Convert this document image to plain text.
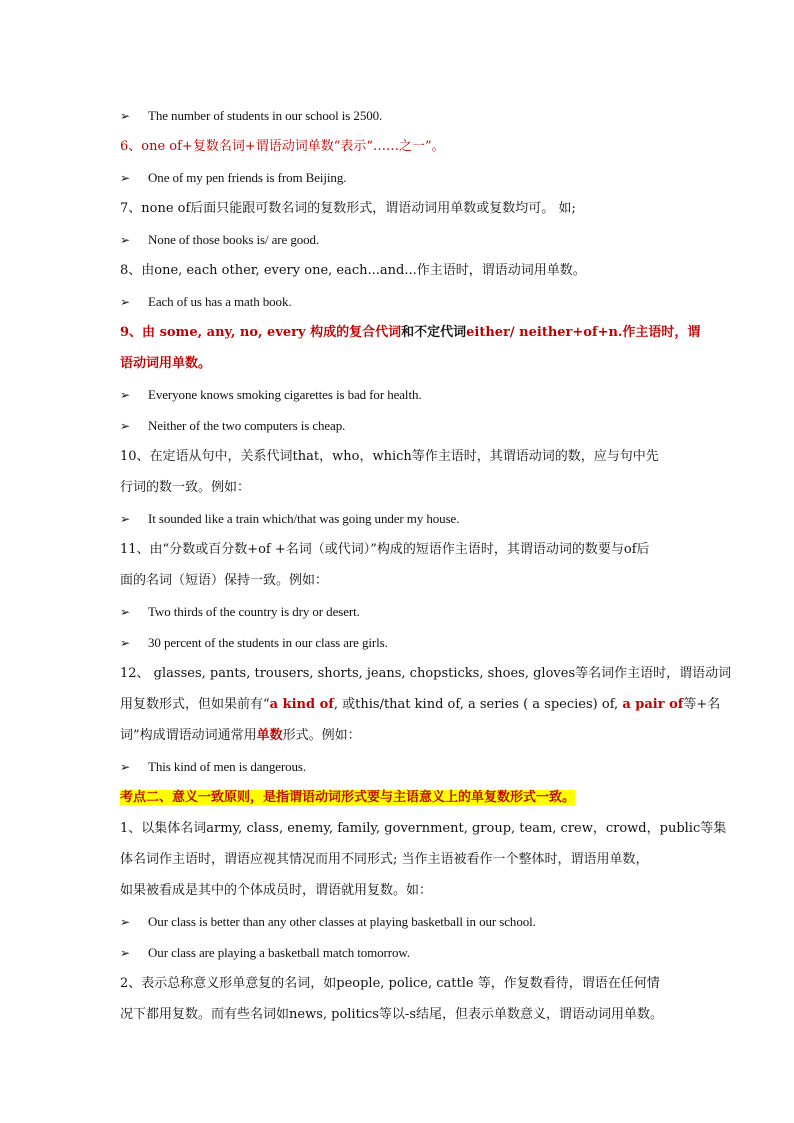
➢ The number of students in our school is 2500.
6、one of+复数名词+谓语动词单数“表示“……之一”。
➢ One of my pen friends is from Beijing.
7、none of后面只能跟可数名词的复数形式，谓语动词用单数或复数均可。 如;
➢ None of those books is/ are good.
8、由one, each other, every one, each...and...作主语时，谓语动词用单数。
➢ Each of us has a math book.
9、由 some, any, no, every 构成的复合代词和不定代词either/ neither+of+n.作主语时，谓
语动词用单数。
➢ Everyone knows smoking cigarettes is bad for health.
➢ Neither of the two computers is cheap.
10、在定语从句中，关系代词that，who，which等作主语时，其谓语动词的数，应与句中先
行词的数一致。例如：
➢ It sounded like a train which/that was going under my house.
11、由“分数或百分数+of +名词（或代词）”构成的短语作主语时，其谓语动词的数要与of后
面的名词（短语）保持一致。例如：
➢ Two thirds of the country is dry or desert.
➢ 30 percent of the students in our class are girls.
12、 glasses, pants, trousers, shorts, jeans, chopsticks, shoes, gloves等名词作主语时，谓语动词
用复数形式，但如果前有“a kind of, 或this/that kind of, a series ( a species) of, a pair of等+名
词”构成谓语动词通常用单数形式。例如：
➢ This kind of men is dangerous.
考点二、意义一致原则，是指谓语动词形式要与主语意义上的单复数形式一致。
1、以集体名词army, class, enemy, family, government, group, team, crew，crowd，public等集
体名词作主语时，谓语应视其情况而用不同形式; 当作主语被看作一个整体时，谓语用单数，
如果被看成是其中的个体成员时，谓语就用复数。如：
➢ Our class is better than any other classes at playing basketball in our school.
➢ Our class are playing a basketball match tomorrow.
2、表示总称意义形单意复的名词，如people, police, cattle 等，作复数看待，谓语在任何情
况下都用复数。而有些名词如news, politics等以-s结尾，但表示单数意义，谓语动词用单数。
